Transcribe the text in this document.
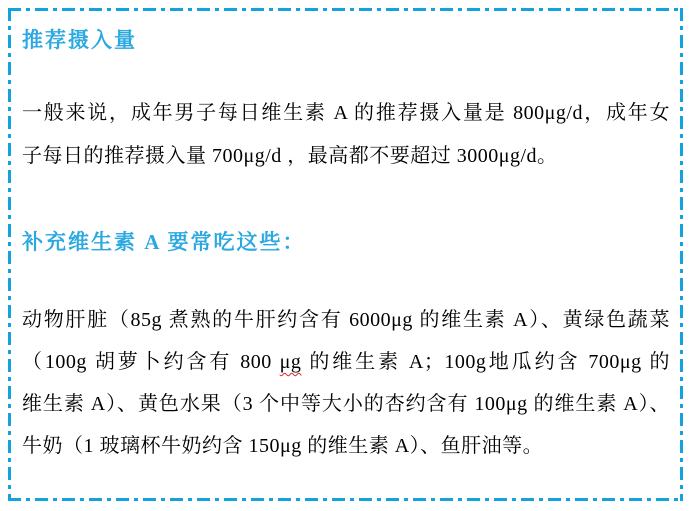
推荐摄入量
一般来说，成年男子每日维生素 A 的推荐摄入量是 800μg/d，成年女
子每日的推荐摄入量 700μg/d ，最高都不要超过 3000μg/d。
补充维生素 A 要常吃这些：
动物肝脏（85g 煮熟的牛肝约含有 6000μg 的维生素 A）、黄绿色蔬菜
（100g 胡萝卜约含有 800 μg 的维生素 A；100g地瓜约含 700μg 的
维生素 A）、黄色水果（3 个中等大小的杏约含有 100μg 的维生素 A）、
牛奶（1 玻璃杯牛奶约含 150μg 的维生素 A）、鱼肝油等。
